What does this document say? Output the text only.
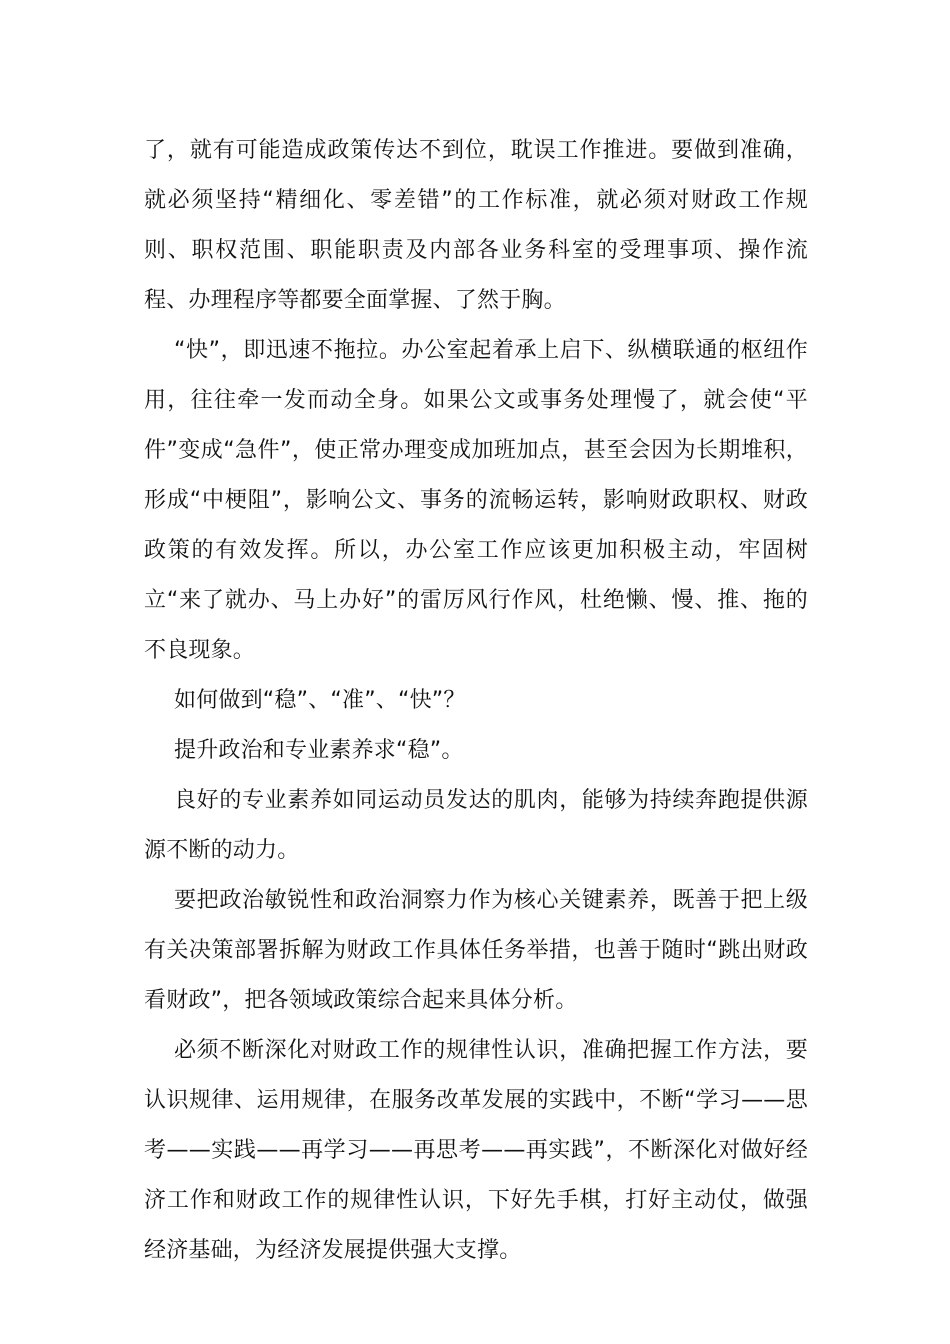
了，就有可能造成政策传达不到位，耽误工作推进。要做到准确，就必须坚持“精细化、零差错”的工作标准，就必须对财政工作规则、职权范围、职能职责及内部各业务科室的受理事项、操作流程、办理程序等都要全面掌握、了然于胸。

“快”，即迅速不拖拉。办公室起着承上启下、纵横联通的枢纽作用，往往牵一发而动全身。如果公文或事务处理慢了，就会使“平件”变成“急件”，使正常办理变成加班加点，甚至会因为长期堆积，形成“中梗阻”，影响公文、事务的流畅运转，影响财政职权、财政政策的有效发挥。所以，办公室工作应该更加积极主动，牢固树立“来了就办、马上办好”的雷厉风行作风，杜绝懒、慢、推、拖的不良现象。

如何做到“稳”、“准”、“快”？

提升政治和专业素养求“稳”。

良好的专业素养如同运动员发达的肌肉，能够为持续奔跑提供源源不断的动力。

要把政治敏锐性和政治洞察力作为核心关键素养，既善于把上级有关决策部署拆解为财政工作具体任务举措，也善于随时“跳出财政看财政”，把各领域政策综合起来具体分析。

必须不断深化对财政工作的规律性认识，准确把握工作方法，要认识规律、运用规律，在服务改革发展的实践中，不断“学习——思考——实践——再学习——再思考——再实践”，不断深化对做好经济工作和财政工作的规律性认识，下好先手棋，打好主动仗，做强经济基础，为经济发展提供强大支撑。
